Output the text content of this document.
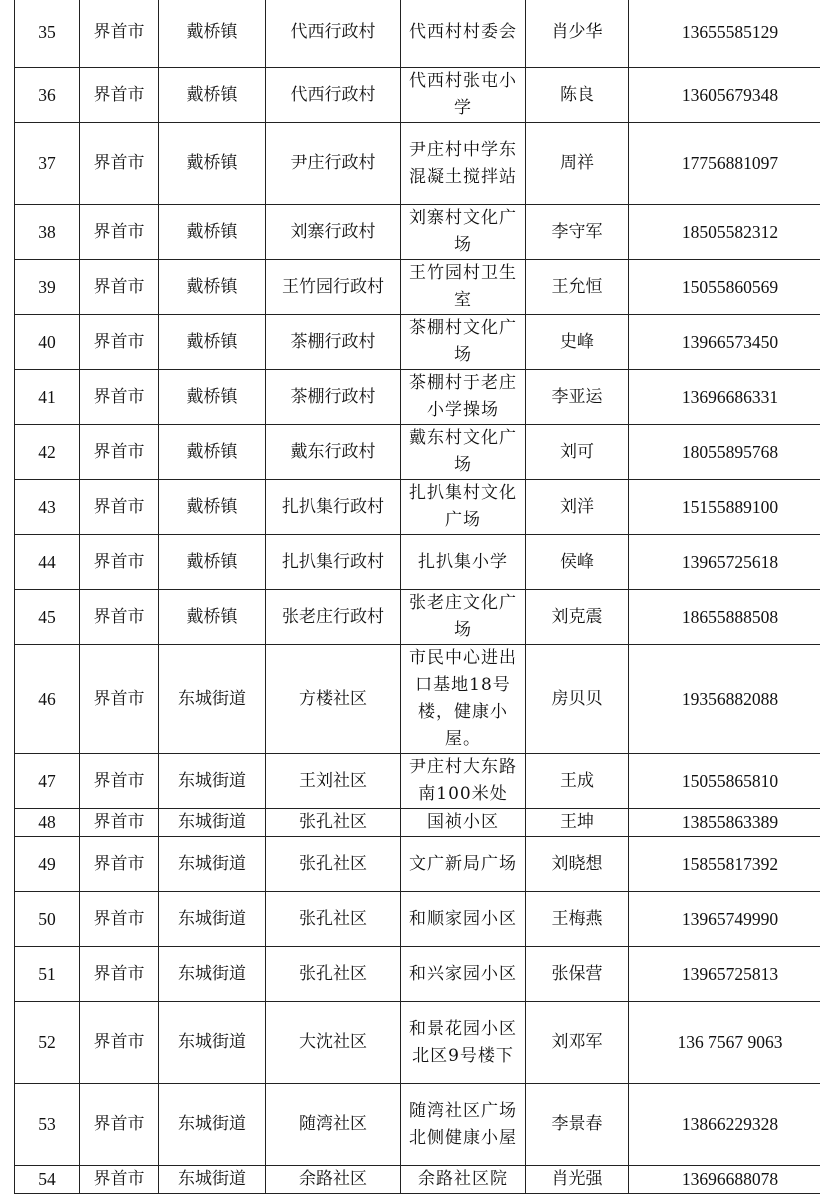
35	界首市	戴桥镇	代西行政村	代西村村委会	肖少华	13655585129
36	界首市	戴桥镇	代西行政村	代西村张屯小学	陈良	13605679348
37	界首市	戴桥镇	尹庄行政村	尹庄村中学东混凝土搅拌站	周祥	17756881097
38	界首市	戴桥镇	刘寨行政村	刘寨村文化广场	李守军	18505582312
39	界首市	戴桥镇	王竹园行政村	王竹园村卫生室	王允恒	15055860569
40	界首市	戴桥镇	茶棚行政村	茶棚村文化广场	史峰	13966573450
41	界首市	戴桥镇	茶棚行政村	茶棚村于老庄小学操场	李亚运	13696686331
42	界首市	戴桥镇	戴东行政村	戴东村文化广场	刘可	18055895768
43	界首市	戴桥镇	扎扒集行政村	扎扒集村文化广场	刘洋	15155889100
44	界首市	戴桥镇	扎扒集行政村	扎扒集小学	侯峰	13965725618
45	界首市	戴桥镇	张老庄行政村	张老庄文化广场	刘克震	18655888508
46	界首市	东城街道	方楼社区	市民中心进出口基地18号楼，健康小屋。	房贝贝	19356882088
47	界首市	东城街道	王刘社区	尹庄村大东路南100米处	王成	15055865810
48	界首市	东城街道	张孔社区	国祯小区	王坤	13855863389
49	界首市	东城街道	张孔社区	文广新局广场	刘晓想	15855817392
50	界首市	东城街道	张孔社区	和顺家园小区	王梅燕	13965749990
51	界首市	东城街道	张孔社区	和兴家园小区	张保营	13965725813
52	界首市	东城街道	大沈社区	和景花园小区北区9号楼下	刘邓军	136 7567 9063
53	界首市	东城街道	随湾社区	随湾社区广场北侧健康小屋	李景春	13866229328
54	界首市	东城街道	余路社区	余路社区院	肖光强	13696688078
